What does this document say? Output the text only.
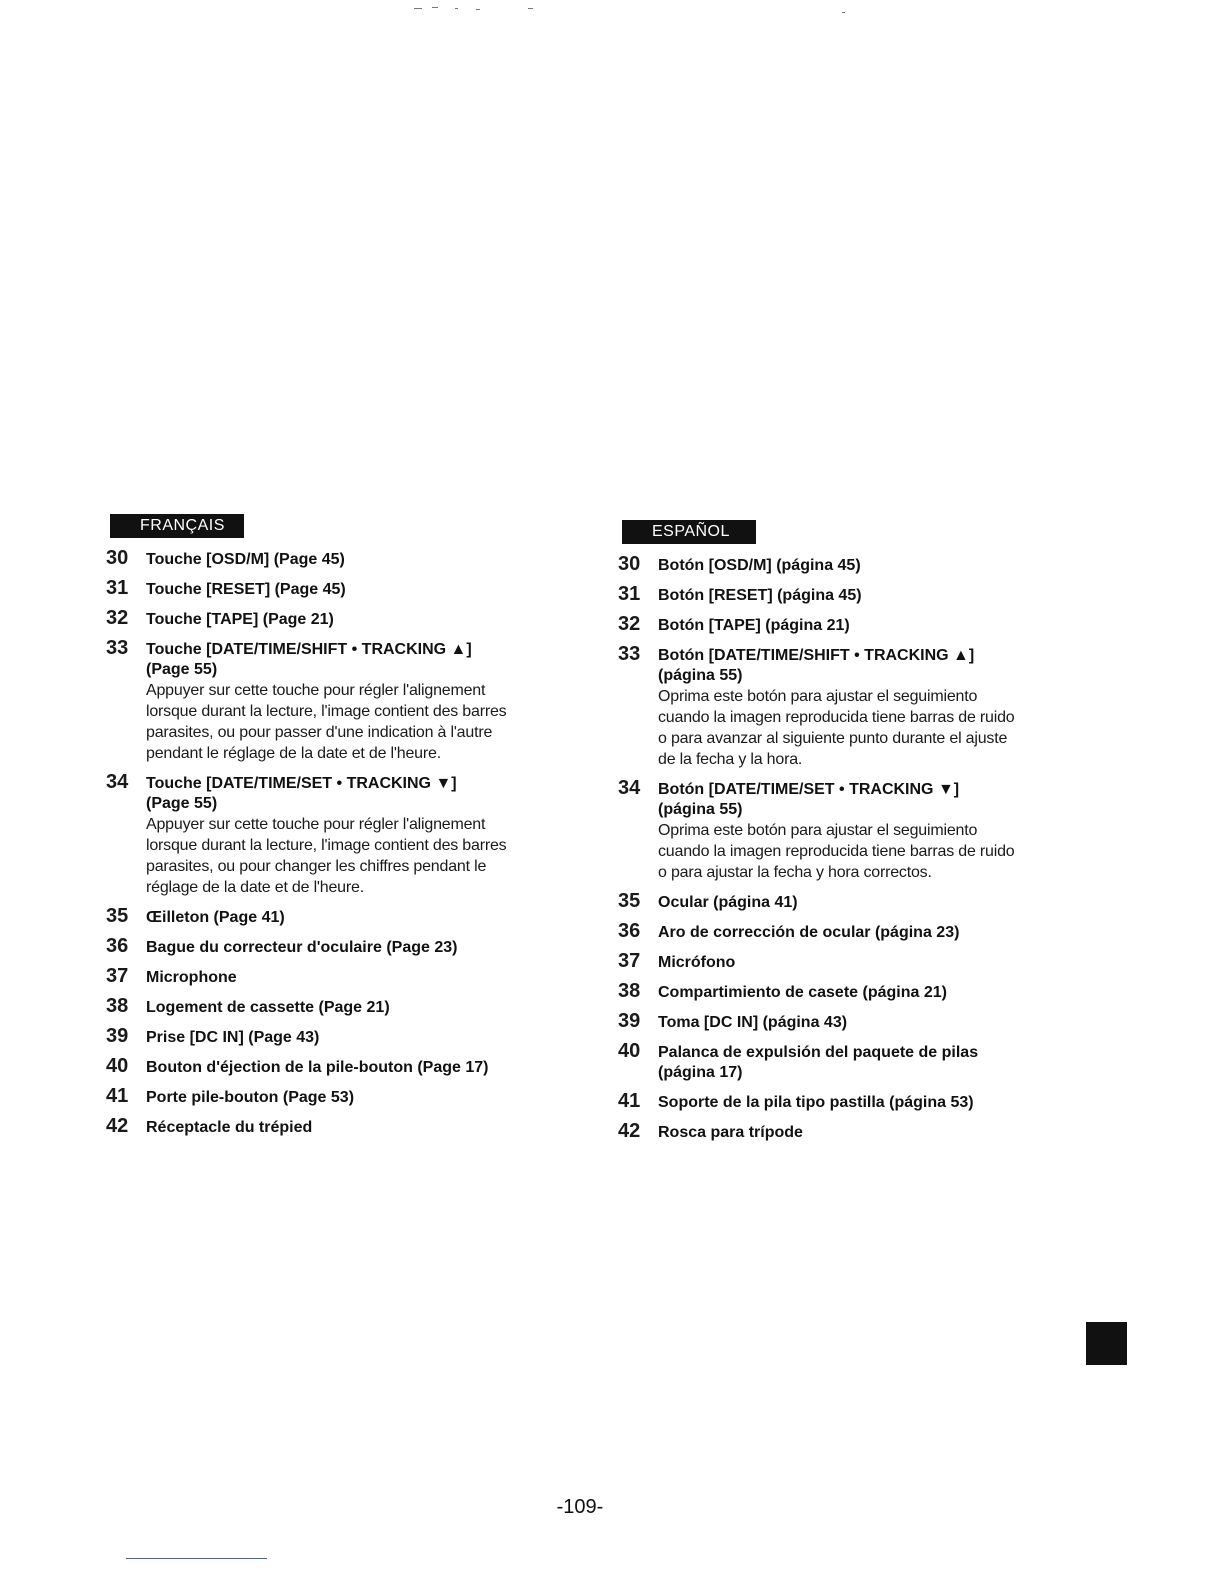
FRANÇAIS
30 Touche [OSD/M] (Page 45)
31 Touche [RESET] (Page 45)
32 Touche [TAPE] (Page 21)
33 Touche [DATE/TIME/SHIFT • TRACKING ▲]
(Page 55)
Appuyer sur cette touche pour régler l'alignement
lorsque durant la lecture, l'image contient des barres
parasites, ou pour passer d'une indication à l'autre
pendant le réglage de la date et de l'heure.
34 Touche [DATE/TIME/SET • TRACKING ▼]
(Page 55)
Appuyer sur cette touche pour régler l'alignement
lorsque durant la lecture, l'image contient des barres
parasites, ou pour changer les chiffres pendant le
réglage de la date et de l'heure.
35 Œilleton (Page 41)
36 Bague du correcteur d'oculaire (Page 23)
37 Microphone
38 Logement de cassette (Page 21)
39 Prise [DC IN] (Page 43)
40 Bouton d'éjection de la pile-bouton (Page 17)
41 Porte pile-bouton (Page 53)
42 Réceptacle du trépied
ESPAÑOL
30 Botón [OSD/M] (página 45)
31 Botón [RESET] (página 45)
32 Botón [TAPE] (página 21)
33 Botón [DATE/TIME/SHIFT • TRACKING ▲]
(página 55)
Oprima este botón para ajustar el seguimiento
cuando la imagen reproducida tiene barras de ruido
o para avanzar al siguiente punto durante el ajuste
de la fecha y la hora.
34 Botón [DATE/TIME/SET • TRACKING ▼]
(página 55)
Oprima este botón para ajustar el seguimiento
cuando la imagen reproducida tiene barras de ruido
o para ajustar la fecha y hora correctos.
35 Ocular (página 41)
36 Aro de corrección de ocular (página 23)
37 Micrófono
38 Compartimiento de casete (página 21)
39 Toma [DC IN] (página 43)
40 Palanca de expulsión del paquete de pilas
(página 17)
41 Soporte de la pila tipo pastilla (página 53)
42 Rosca para trípode
-109-
